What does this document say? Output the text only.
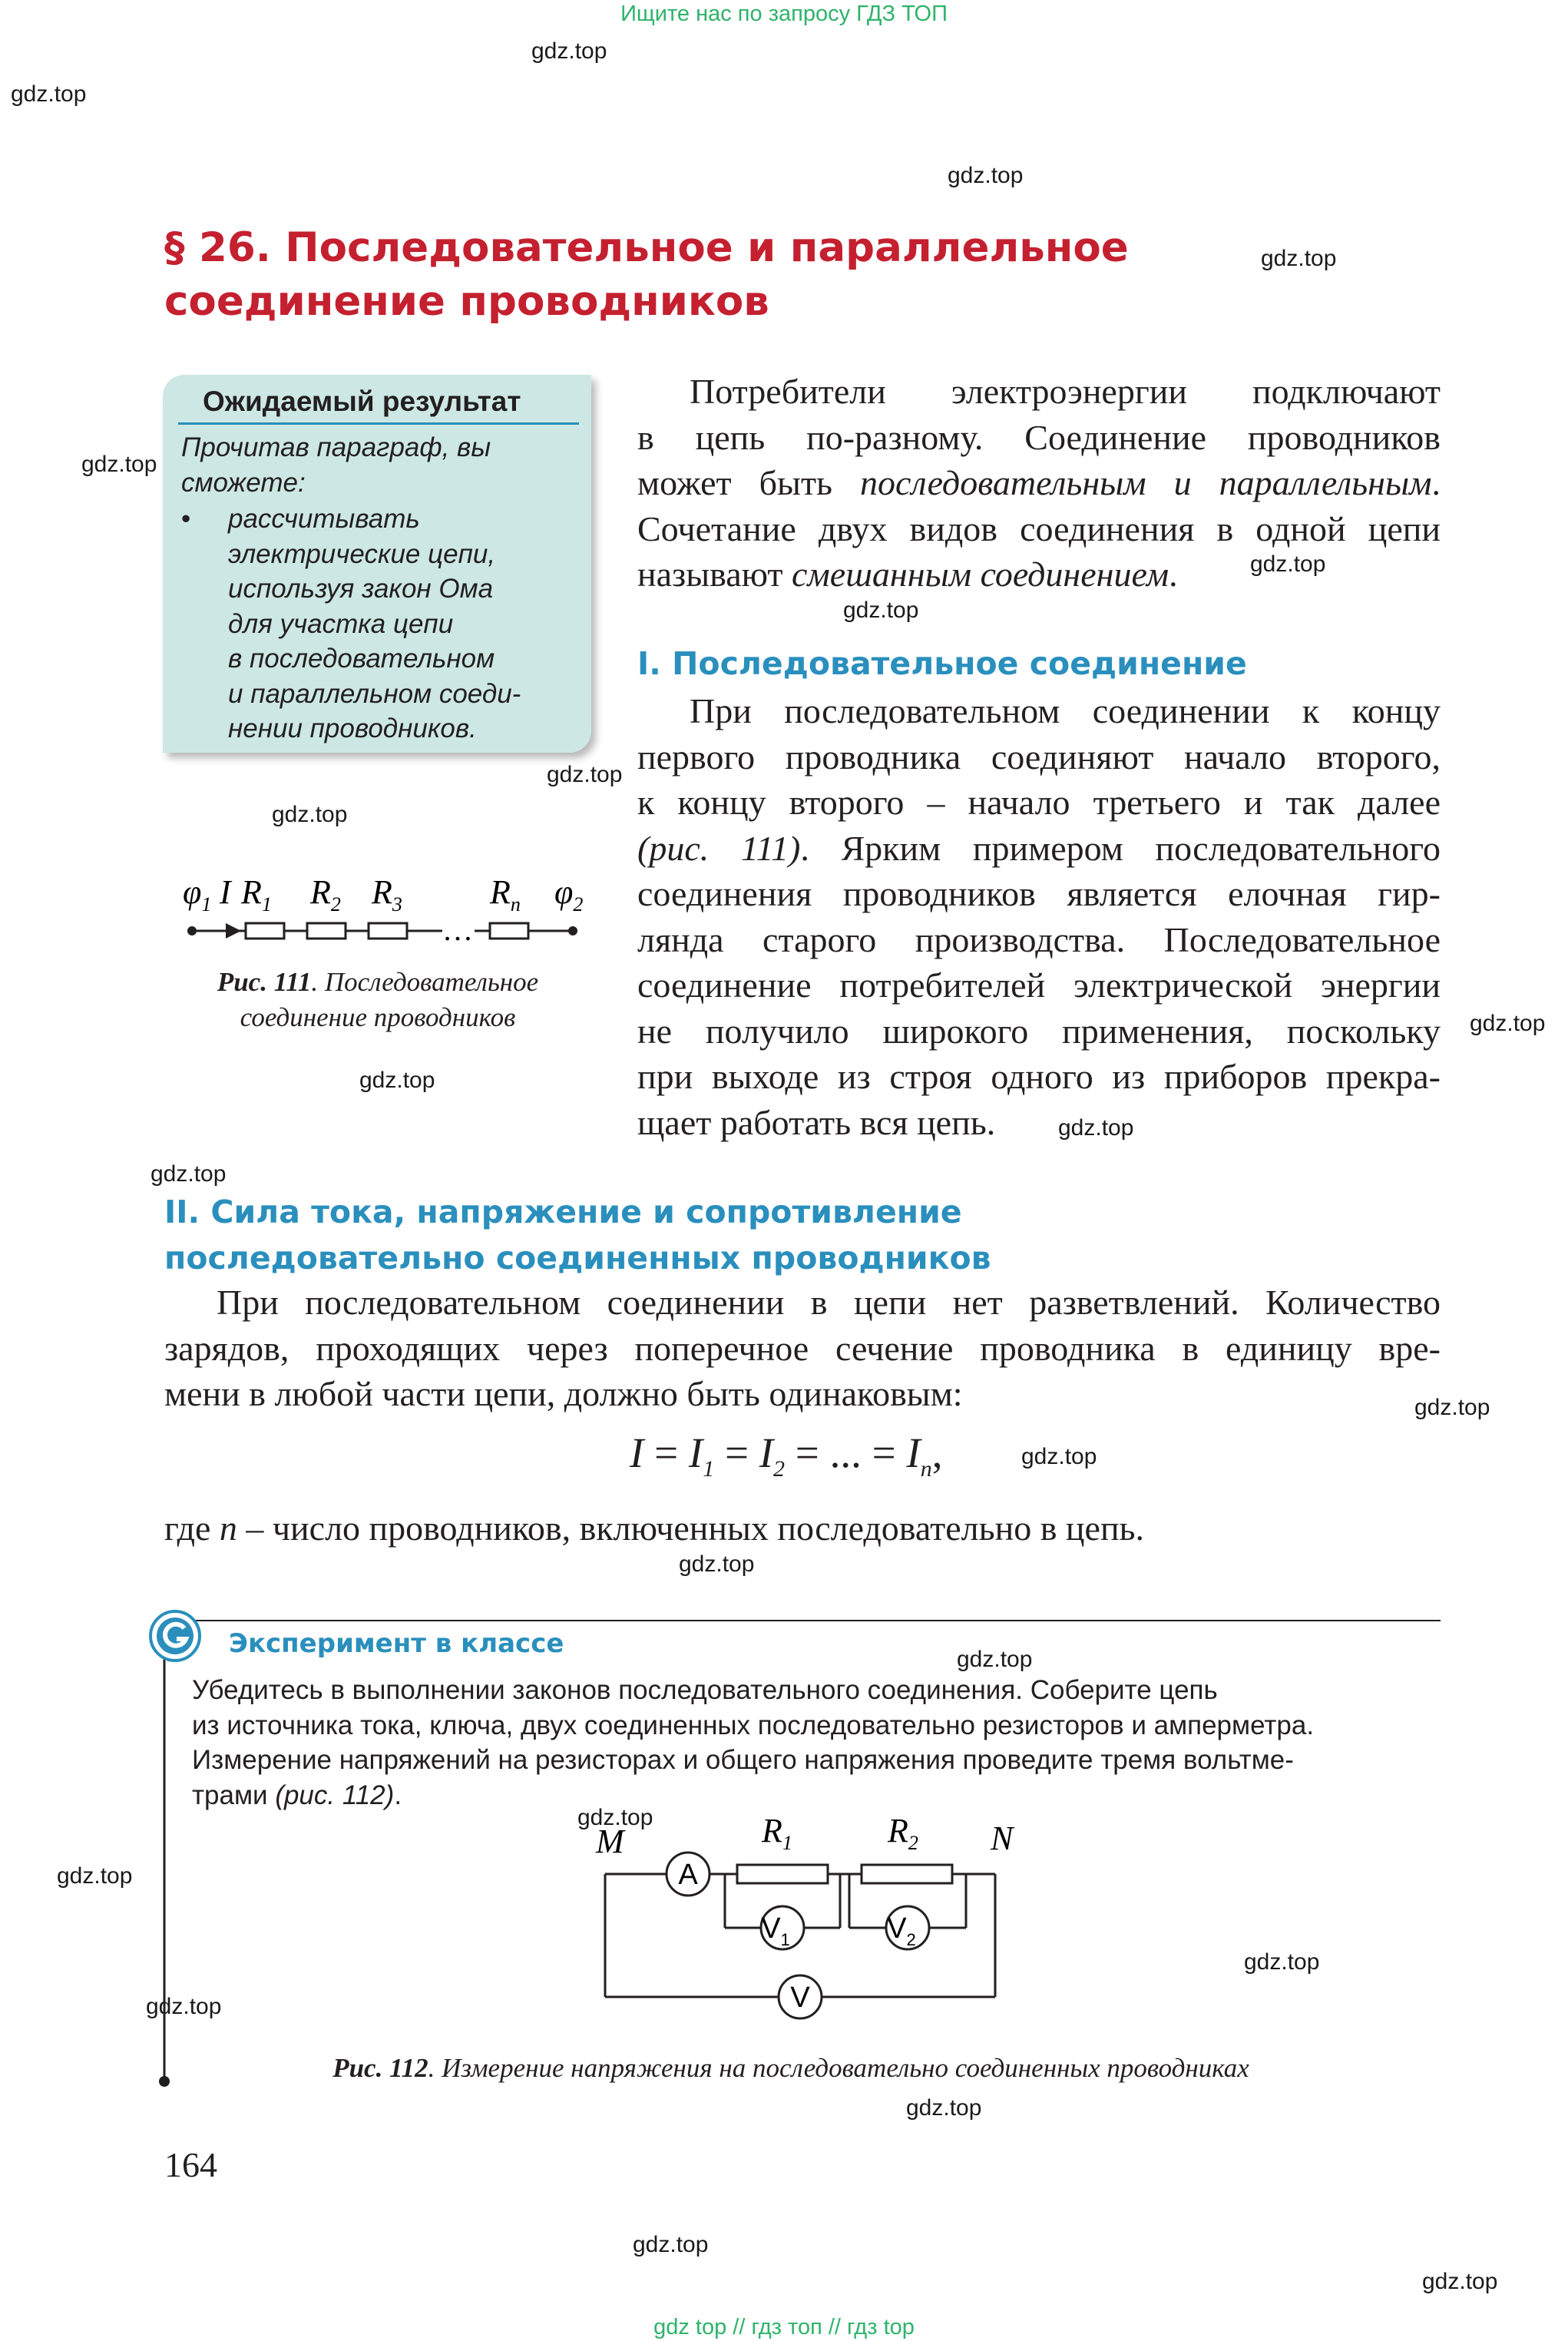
Ищите нас по запросу ГДЗ ТОП
gdz.top
gdz.top
gdz.top
gdz.top
gdz.top
gdz.top
gdz.top
gdz.top
gdz.top
gdz.top
gdz.top
gdz.top
gdz.top
gdz.top
gdz.top
gdz.top
gdz.top
gdz.top
gdz.top
gdz.top
gdz.top
gdz.top
gdz.top
gdz.top
§ 26. Последовательное и параллельное
соединение проводников
Ожидаемый результат
Прочитав параграф, вы
сможете:
• рассчитывать
электрические цепи,
используя закон Ома
для участка цепи
в последовательном
и параллельном соеди-
нении проводников.
Потребители электроэнергии подключают
в цепь по-разному. Соединение проводников
может быть последовательным и параллельным.
Сочетание двух видов соединения в одной цепи
называют смешанным соединением.
I. Последовательное соединение
При последовательном соединении к концу
первого проводника соединяют начало второго,
к концу второго – начало третьего и так далее
(рис. 111). Ярким примером последовательного
соединения проводников является елочная гир-
лянда старого производства. Последовательное
соединение потребителей электрической энергии
не получило широкого применения, поскольку
при выходе из строя одного из приборов прекра-
щает работать вся цепь.
$\varphi_1$ I $R_1$ $R_2$ $R_3$	$R_n$ $\varphi_2$
…
Рис. 111. Последовательное
соединение проводников
II. Сила тока, напряжение и сопротивление
последовательно соединенных проводников
При последовательном соединении в цепи нет разветвлений. Количество
зарядов, проходящих через поперечное сечение проводника в единицу вре-
мени в любой части цепи, должно быть одинаковым:
$I = I_1 = I_2$ = ... = $I_n$,
где n – число проводников, включенных последовательно в цепь.
Эксперимент в классе
Убедитесь в выполнении законов последовательного соединения. Соберите цепь
из источника тока, ключа, двух соединенных последовательно резисторов и амперметра.
Измерение напряжений на резисторах и общего напряжения проведите тремя вольтме-
трами (рис. 112).
M	N
$R_1$	$R_2$
A
$V_1$	$V_2$
V
Рис. 112. Измерение напряжения на последовательно соединенных проводниках
164
gdz top // гдз топ // гдз top
